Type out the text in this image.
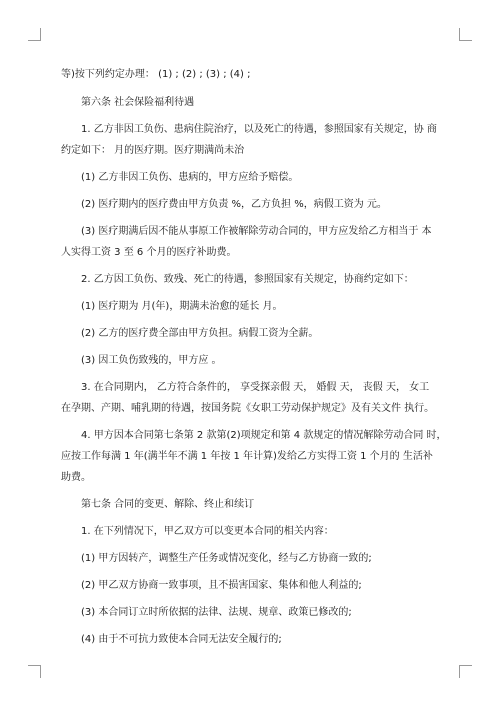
等)按下列约定办理： (1) ; (2) ; (3) ; (4) ;
第六条 社会保险福利待遇
1. 乙方非因工负伤、患病住院治疗，以及死亡的待遇，参照国家有关规定，协 商
约定如下： 月的医疗期。医疗期满尚未治
(1) 乙方非因工负伤、患病的，甲方应给予赔偿。
(2) 医疗期内的医疗费由甲方负责 %，乙方负担 %，病假工资为 元。
(3) 医疗期满后因不能从事原工作被解除劳动合同的，甲方应发给乙方相当于 本
人实得工资 3 至 6 个月的医疗补助费。
2. 乙方因工负伤、致残、死亡的待遇，参照国家有关规定，协商约定如下：
(1) 医疗期为 月(年)，期满未治愈的延长 月。
(2) 乙方的医疗费全部由甲方负担。病假工资为全薪。
(3) 因工负伤致残的，甲方应 。
3. 在合同期内， 乙方符合条件的， 享受探亲假 天， 婚假 天， 丧假 天， 女工
在孕期、产期、哺乳期的待遇，按国务院《女职工劳动保护规定》及有关文件 执行。
4. 甲方因本合同第七条第 2 款第(2)项规定和第 4 款规定的情况解除劳动合同 时，
应按工作每满 1 年(满半年不满 1 年按 1 年计算)发给乙方实得工资 1 个月的 生活补
助费。
第七条 合同的变更、解除、终止和续订
1. 在下列情况下，甲乙双方可以变更本合同的相关内容：
(1) 甲方因转产，调整生产任务或情况变化，经与乙方协商一致的;
(2) 甲乙双方协商一致事项，且不损害国家、集体和他人利益的;
(3) 本合同订立时所依据的法律、法规、规章、政策已修改的;
(4) 由于不可抗力致使本合同无法安全履行的;
